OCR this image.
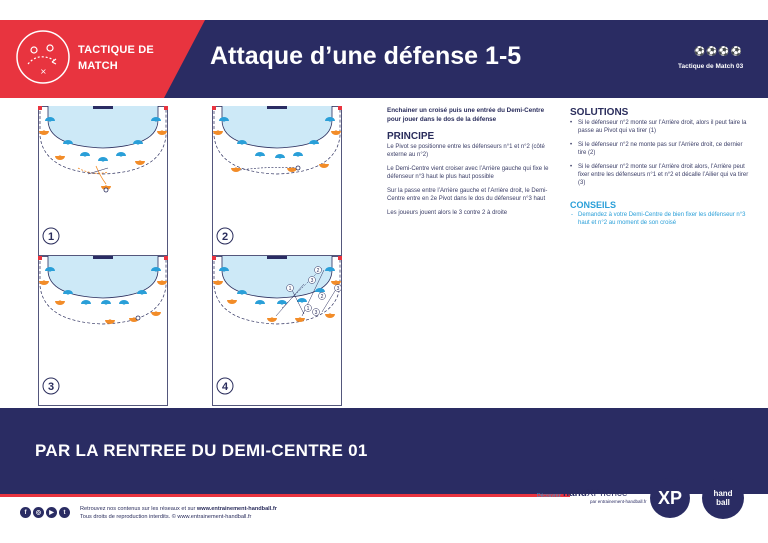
×
TACTIQUE DE
MATCH	Attaque d’une défense 1-5	⚽⚽⚽⚽
Tactique de Match 03
1	2
3
1
1
2
2
3
3
3
4
Enchainer un croisé puis une entrée du Demi-Centre pour jouer dans le dos de la défense
PRINCIPE

Le Pivot se positionne entre les défenseurs n°1 et n°2 (côté externe au n°2)

Le Demi-Centre vient croiser avec l’Arrière gauche qui fixe le défenseur n°3 haut le plus haut possible

Sur la passe entre l’Arrière gauche et l’Arrière droit, le Demi-Centre entre en 2e Pivot dans le dos du défenseur n°3 haut

Les joueurs jouent alors le 3 contre 2 à droite

SOLUTIONS
• Si le défenseur n°2 monte sur l’Arrière droit, alors il peut faire la passe au Pivot qui va tirer (1)
• Si le défenseur n°2 ne monte pas sur l’Arrière droit, ce dernier tire (2)
• Si le défenseur n°2 monte sur l’Arrière droit alors, l’Arrière peut fixer entre les défenseurs n°1 et n°2 et décalle l’Ailier qui va tirer (3)
CONSEILS
- Demandez à votre Demi-Centre de bien fixer les défenseur n°3 haut et n°2 au moment de son croisé
PAR LA RENTREE DU DEMI-CENTRE 01
f	◎	▶	t
Retrouvez nos contenus sur les réseaux et sur www.entrainement-handball.fr
Tous droits de reproduction interdits. © www.entrainement-handball.fr
Découvrez handXPrience
par entrainement-handball.fr XP	hand
ball
